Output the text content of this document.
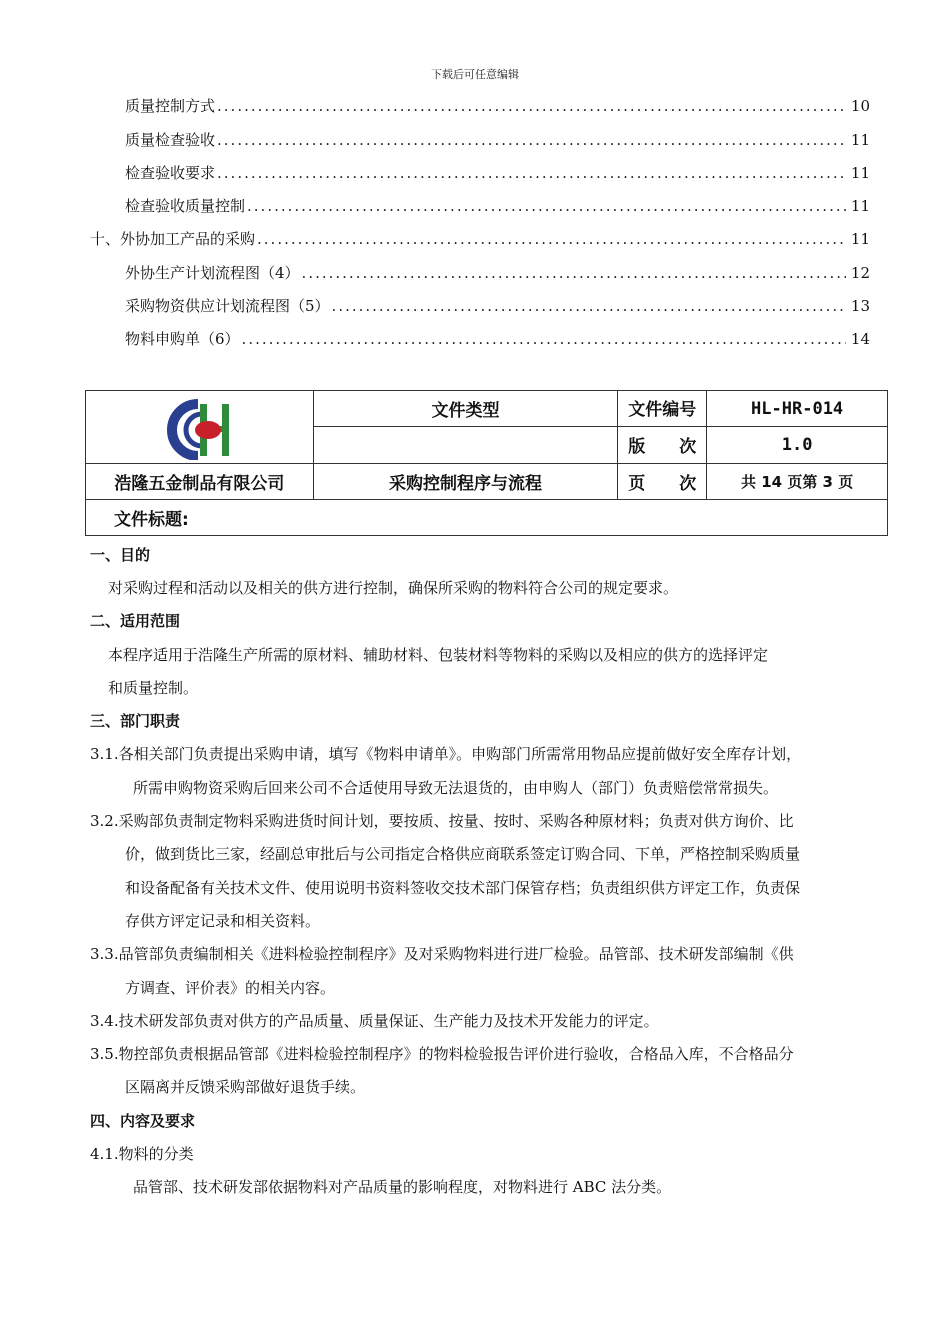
下载后可任意编辑
质量控制方式 .....	10
质量检查验收 .....	11
检查验收要求 .....	11
检查验收质量控制 .....	11
十、外协加工产品的采购 .....	11
外协生产计划流程图（4） .....	12
采购物资供应计划流程图（5） .....	13
物料申购单（6） .....	14
	文件类型	文件编号	HL-HR-014
		版　　次	1.0
浩隆五金制品有限公司	采购控制程序与流程	页　　次	共 14 页第 3 页
文件标题:			
一、目的
对采购过程和活动以及相关的供方进行控制，确保所采购的物料符合公司的规定要求。
二、适用范围
本程序适用于浩隆生产所需的原材料、辅助材料、包装材料等物料的采购以及相应的供方的选择评定
和质量控制。
三、部门职责
3.1.各相关部门负责提出采购申请，填写《物料申请单》。申购部门所需常用物品应提前做好安全库存计划，
所需申购物资采购后回来公司不合适使用导致无法退货的，由申购人（部门）负责赔偿常常损失。
3.2.采购部负责制定物料采购进货时间计划，要按质、按量、按时、采购各种原材料；负责对供方询价、比
价，做到货比三家，经副总审批后与公司指定合格供应商联系签定订购合同、下单，严格控制采购质量
和设备配备有关技术文件、使用说明书资料签收交技术部门保管存档；负责组织供方评定工作，负责保
存供方评定记录和相关资料。
3.3.品管部负责编制相关《进料检验控制程序》及对采购物料进行进厂检验。品管部、技术研发部编制《供
方调查、评价表》的相关内容。
3.4.技术研发部负责对供方的产品质量、质量保证、生产能力及技术开发能力的评定。
3.5.物控部负责根据品管部《进料检验控制程序》的物料检验报告评价进行验收，合格品入库，不合格品分
区隔离并反馈采购部做好退货手续。
四、内容及要求
4.1.物料的分类
品管部、技术研发部依据物料对产品质量的影响程度，对物料进行 ABC 法分类。
